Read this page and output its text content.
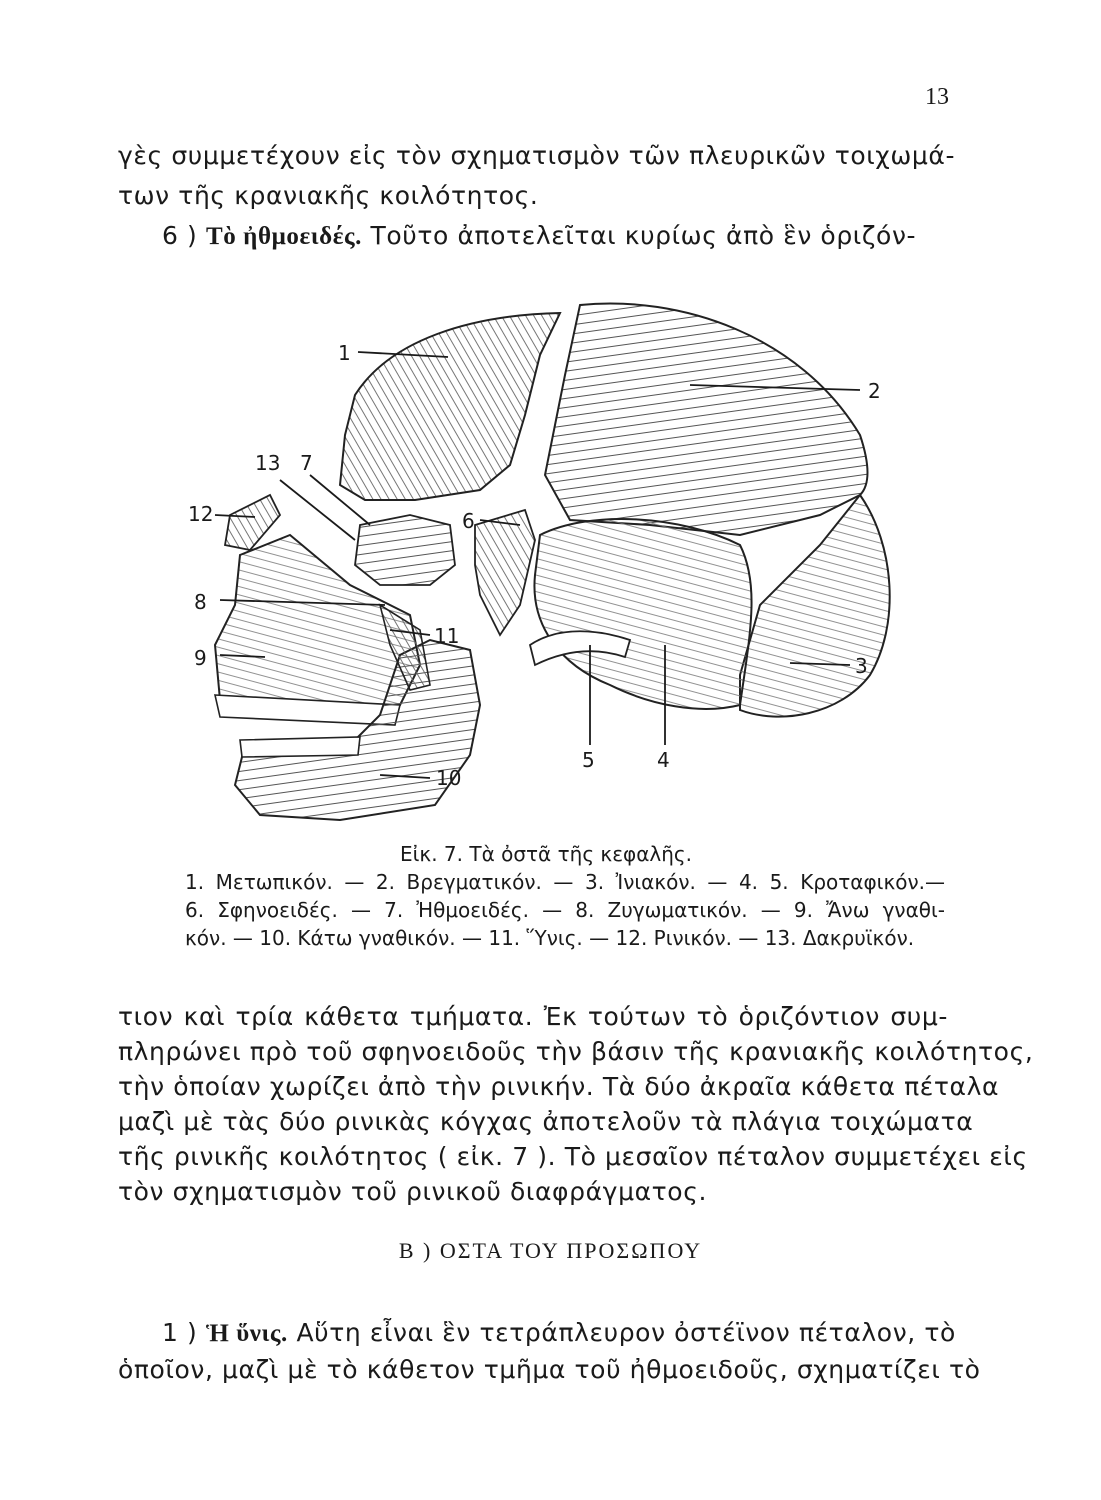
13
γὲς συμμετέχουν εἰς τὸν σχηματισμὸν τῶν πλευρικῶν τοιχωμά-
των τῆς κρανιακῆς κοιλότητος.
6 ) Τὸ ἠθμοειδές. Τοῦτο ἀποτελεῖται κυρίως ἀπὸ ἓν ὁριζόν-
1
2
3
4
5
6
7
8
9
10
11
12
13
Εἰκ. 7. Τὰ ὀστᾶ τῆς κεφαλῆς.
1. Μετωπικόν. — 2. Βρεγματικόν. — 3. Ἰνιακόν. — 4. 5. Κροταφικόν.—
6. Σφηνοειδές. — 7. Ἠθμοειδές. — 8. Ζυγωματικόν. — 9. Ἄνω γναθι-
κόν. — 10. Κάτω γναθικόν. — 11. Ὕνις. — 12. Ρινικόν. — 13. Δακρυϊκόν.
τιον καὶ τρία κάθετα τμήματα. Ἐκ τούτων τὸ ὁριζόντιον συμ-
πληρώνει πρὸ τοῦ σφηνοειδοῦς τὴν βάσιν τῆς κρανιακῆς κοιλότητος,
τὴν ὁποίαν χωρίζει ἀπὸ τὴν ρινικήν. Τὰ δύο ἀκραῖα κάθετα πέταλα
μαζὶ μὲ τὰς δύο ρινικὰς κόγχας ἀποτελοῦν τὰ πλάγια τοιχώματα
τῆς ρινικῆς κοιλότητος ( εἰκ. 7 ). Τὸ μεσαῖον πέταλον συμμετέχει εἰς
τὸν σχηματισμὸν τοῦ ρινικοῦ διαφράγματος.
Β ) ΟΣΤΑ ΤΟΥ ΠΡΟΣΩΠΟΥ
1 ) Ἡ ὕνις. Αὕτη εἶναι ἓν τετράπλευρον ὀστέϊνον πέταλον, τὸ
ὁποῖον, μαζὶ μὲ τὸ κάθετον τμῆμα τοῦ ἠθμοειδοῦς, σχηματίζει τὸ
